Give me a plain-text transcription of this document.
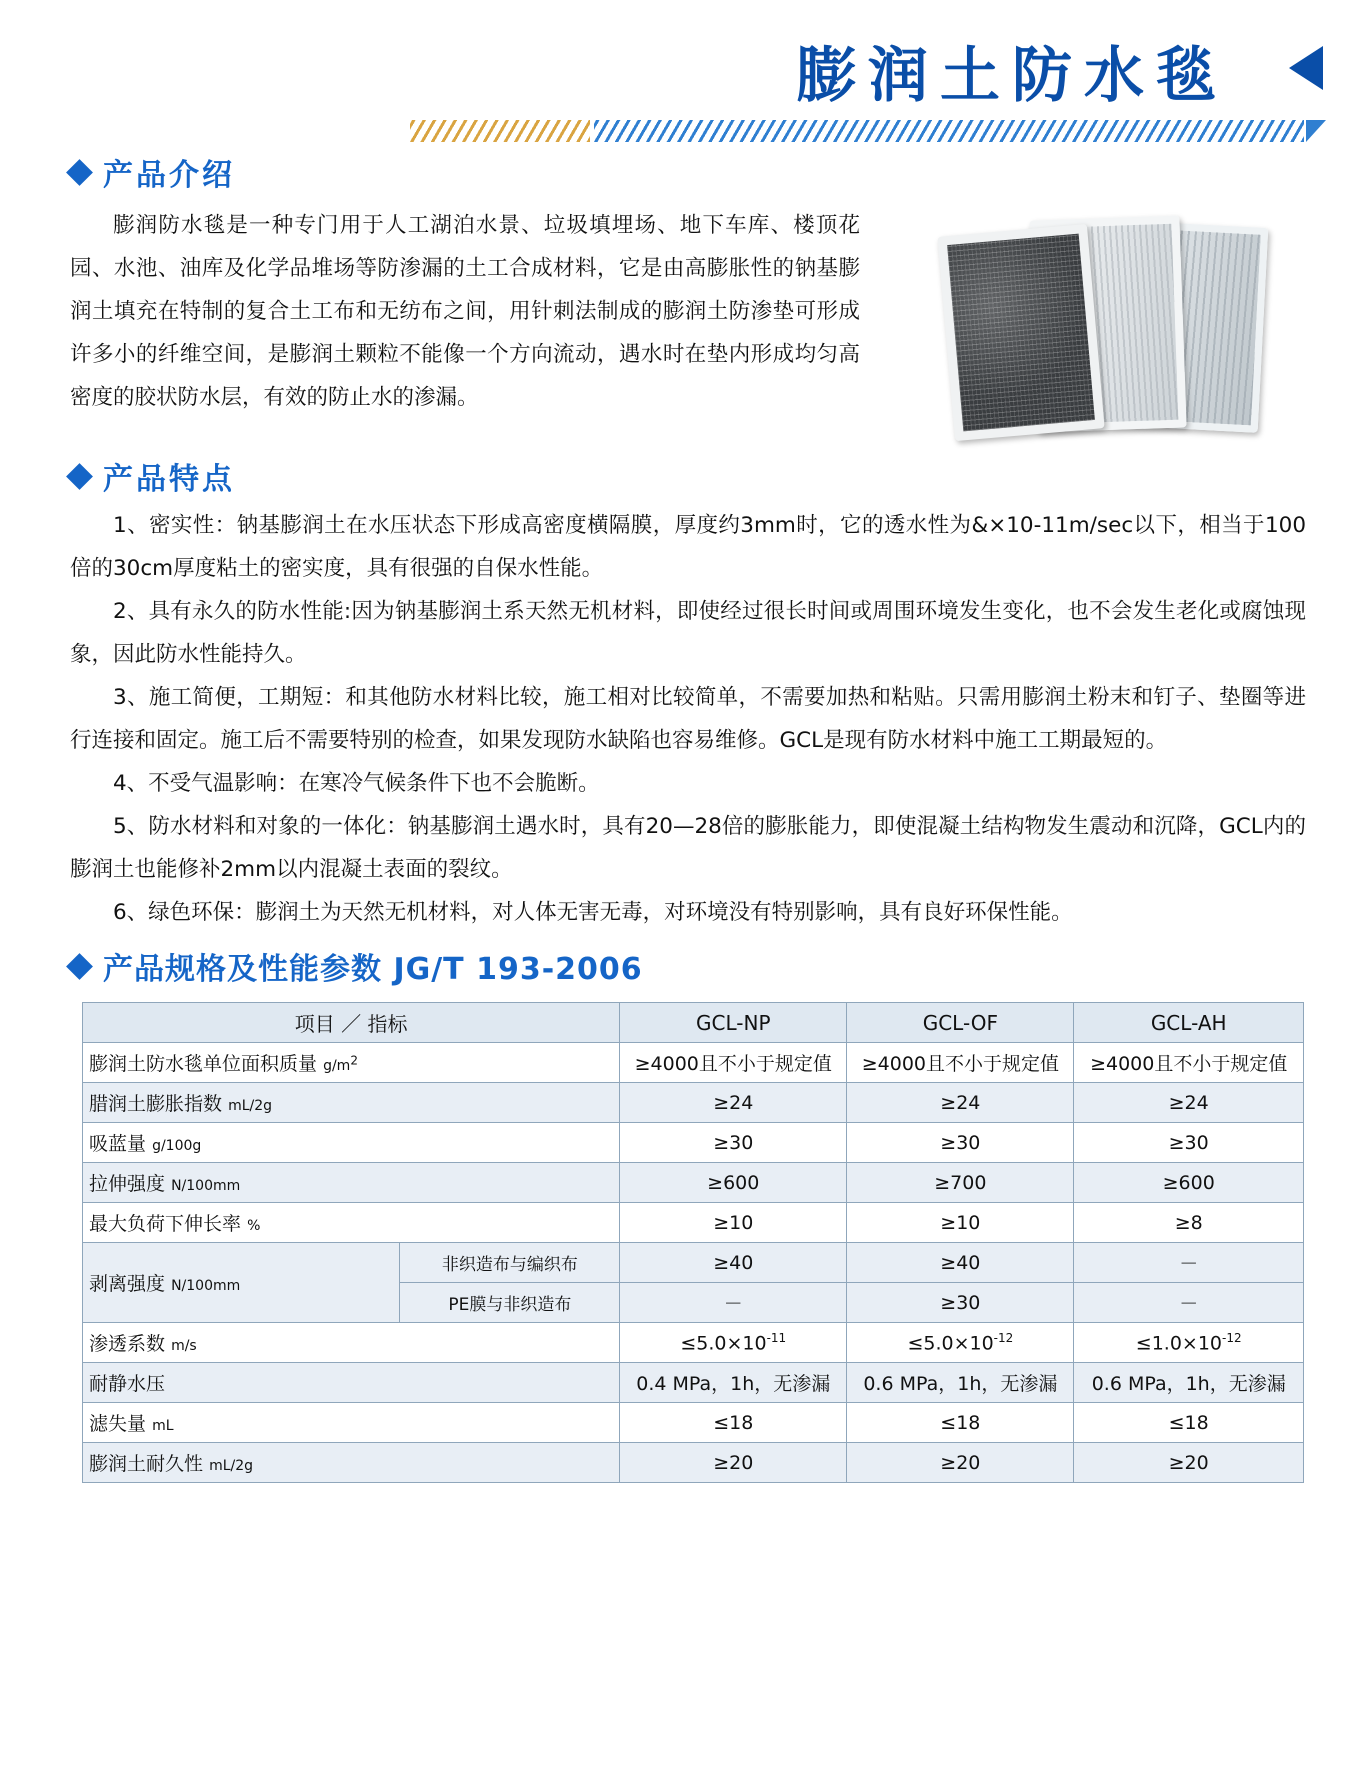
膨润土防水毯
产品介绍

膨润防水毯是一种专门用于人工湖泊水景、垃圾填埋场、地下车库、楼顶花园、水池、油库及化学品堆场等防渗漏的土工合成材料，它是由高膨胀性的钠基膨润土填充在特制的复合土工布和无纺布之间，用针刺法制成的膨润土防渗垫可形成许多小的纤维空间，是膨润土颗粒不能像一个方向流动，遇水时在垫内形成均匀高密度的胶状防水层，有效的防止水的渗漏。

产品特点

1、密实性：钠基膨润土在水压状态下形成高密度横隔膜，厚度约3mm时，它的透水性为&×10-11m/sec以下，相当于100倍的30cm厚度粘土的密实度，具有很强的自保水性能。

2、具有永久的防水性能:因为钠基膨润土系天然无机材料，即使经过很长时间或周围环境发生变化，也不会发生老化或腐蚀现象，因此防水性能持久。

3、施工简便，工期短：和其他防水材料比较，施工相对比较简单，不需要加热和粘贴。只需用膨润土粉末和钉子、垫圈等进行连接和固定。施工后不需要特别的检查，如果发现防水缺陷也容易维修。GCL是现有防水材料中施工工期最短的。

4、不受气温影响：在寒冷气候条件下也不会脆断。

5、防水材料和对象的一体化：钠基膨润土遇水时，具有20—28倍的膨胀能力，即使混凝土结构物发生震动和沉降，GCL内的膨润土也能修补2mm以内混凝土表面的裂纹。

6、绿色环保：膨润土为天然无机材料，对人体无害无毒，对环境没有特别影响，具有良好环保性能。

产品规格及性能参数 JG/T 193-2006
项目 ／ 指标		GCL-NP	GCL-OF	GCL-AH
膨润土防水毯单位面积质量 g/m2		≥4000且不小于规定值	≥4000且不小于规定值	≥4000且不小于规定值
腊润土膨胀指数 mL/2g		≥24	≥24	≥24
吸蓝量 g/100g		≥30	≥30	≥30
拉伸强度 N/100mm		≥600	≥700	≥600
最大负荷下伸长率 %		≥10	≥10	≥8
剥离强度 N/100mm	非织造布与编织布	≥40	≥40	－
	PE膜与非织造布	－	≥30	－
渗透系数 m/s		$\le 5.0\times 10^{-11}$	$\le 5.0\times 10^{-12}$	$\le 1.0\times 10^{-12}$
耐静水压		0.4 MPa，1h，无渗漏	0.6 MPa，1h，无渗漏	0.6 MPa，1h，无渗漏
滤失量 mL		≤18	≤18	≤18
膨润土耐久性 mL/2g		≥20	≥20	≥20
